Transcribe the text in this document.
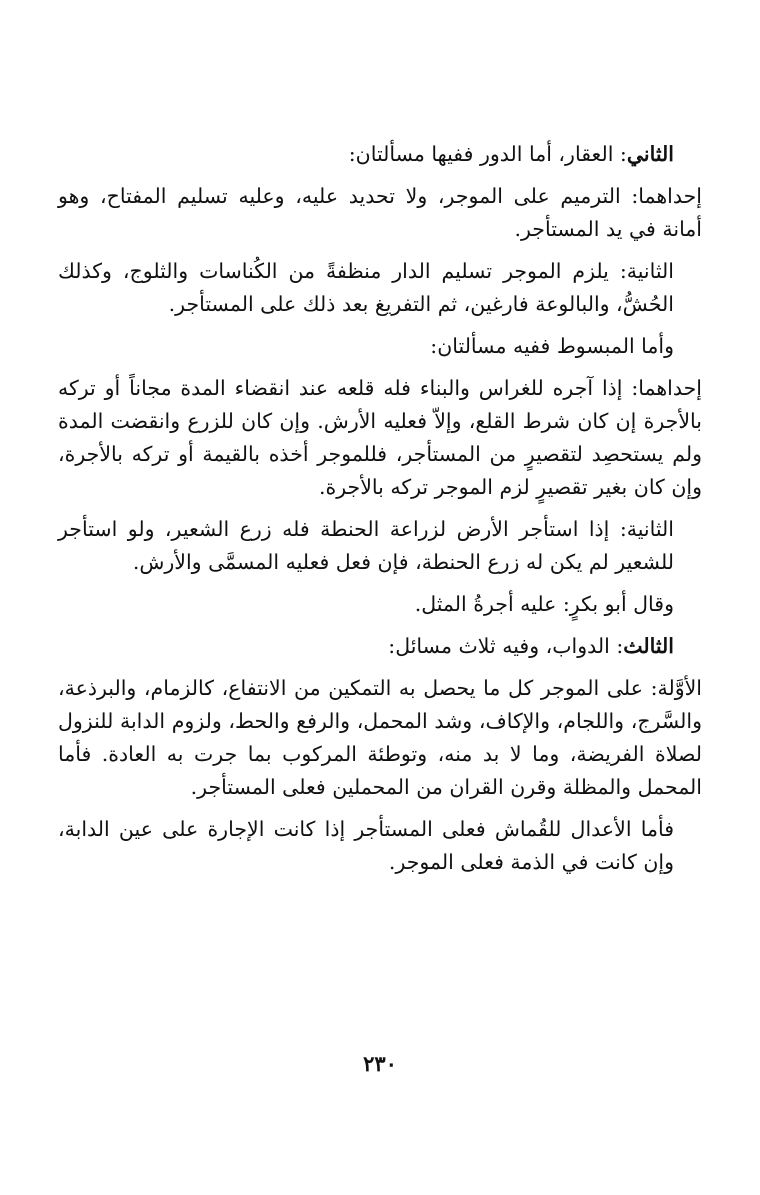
الثاني: العقار، أما الدور ففيها مسألتان:

إحداهما: الترميم على الموجر، ولا تحديد عليه، وعليه تسليم المفتاح، وهو أمانة في يد المستأجر.

الثانية: يلزم الموجر تسليم الدار منظفةً من الكُناسات والثلوج، وكذلك الحُشُّ، والبالوعة فارغين، ثم التفريغ بعد ذلك على المستأجر.

وأما المبسوط ففيه مسألتان:

إحداهما: إذا آجره للغراس والبناء فله قلعه عند انقضاء المدة مجاناً أو تركه بالأجرة إن كان شرط القلع، وإلاّ فعليه الأرش. وإن كان للزرع وانقضت المدة ولم يستحصِد لتقصيرٍ من المستأجر، فللموجر أخذه بالقيمة أو تركه بالأجرة، وإن كان بغير تقصيرٍ لزم الموجر تركه بالأجرة.

الثانية: إذا استأجر الأرض لزراعة الحنطة فله زرع الشعير، ولو استأجر للشعير لم يكن له زرع الحنطة، فإن فعل فعليه المسمَّى والأرش.

وقال أبو بكرٍ: عليه أجرةُ المثل.

الثالث: الدواب، وفيه ثلاث مسائل:

الأوَّلة: على الموجر كل ما يحصل به التمكين من الانتفاع، كالزمام، والبرذعة، والسَّرج، واللجام، والإكاف، وشد المحمل، والرفع والحط، ولزوم الدابة للنزول لصلاة الفريضة، وما لا بد منه، وتوطئة المركوب بما جرت به العادة. فأما المحمل والمظلة وقرن القران من المحملين فعلى المستأجر.

فأما الأعدال للقُماش فعلى المستأجر إذا كانت الإجارة على عين الدابة، وإن كانت في الذمة فعلى الموجر.

٢٣٠
